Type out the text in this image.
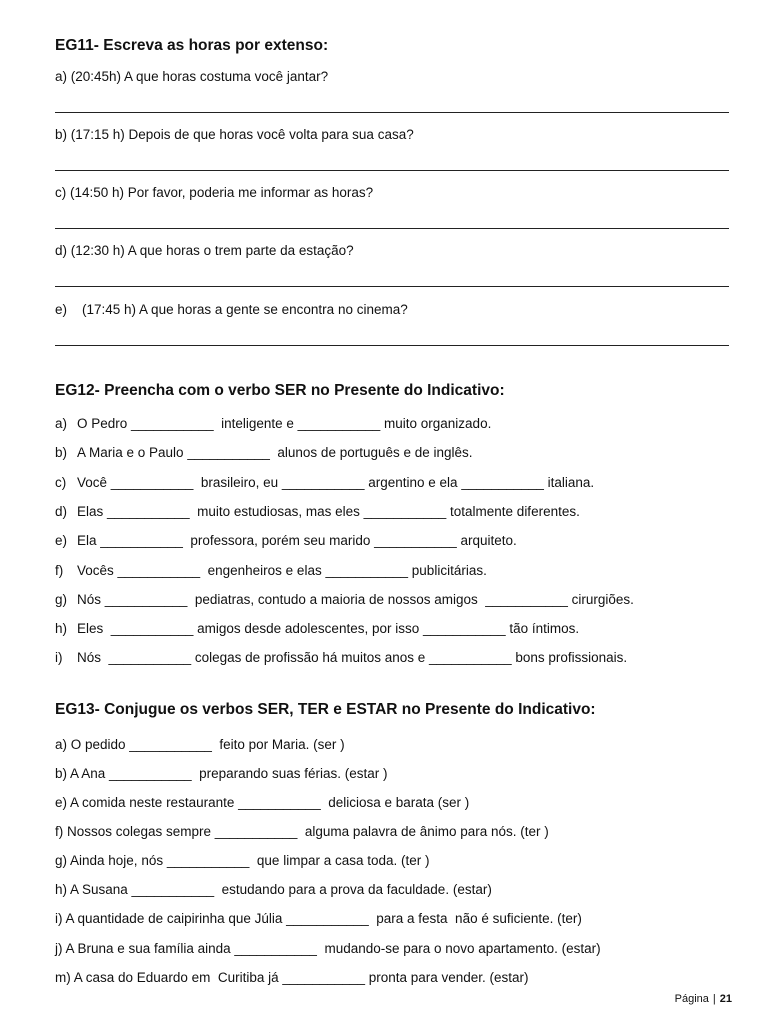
EG11- Escreva as horas por extenso:
a) (20:45h) A que horas costuma você jantar?
b) (17:15 h) Depois de que horas você volta para sua casa?
c) (14:50 h) Por favor, poderia me informar as horas?
d) (12:30 h) A que horas o trem parte da estação?
e)    (17:45 h) A que horas a gente se encontra no cinema?
EG12- Preencha com o verbo SER no Presente do Indicativo:
a) O Pedro ___________  inteligente e ___________ muito organizado.
b) A Maria e o Paulo ___________  alunos de português e de inglês.
c) Você ___________  brasileiro, eu ___________ argentino e ela ___________ italiana.
d) Elas ___________  muito estudiosas, mas eles ___________ totalmente diferentes.
e) Ela ___________  professora, porém seu marido ___________ arquiteto.
f) Vocês ___________  engenheiros e elas ___________ publicitárias.
g) Nós ___________  pediatras, contudo a maioria de nossos amigos  ___________ cirurgiões.
h) Eles  ___________ amigos desde adolescentes, por isso ___________ tão íntimos.
i) Nós  ___________ colegas de profissão há muitos anos e ___________ bons profissionais.
EG13- Conjugue os verbos SER, TER e ESTAR no Presente do Indicativo:
a) O pedido ___________  feito por Maria. (ser )
b) A Ana ___________  preparando suas férias. (estar )
e) A comida neste restaurante ___________  deliciosa e barata (ser )
f) Nossos colegas sempre ___________  alguma palavra de ânimo para nós. (ter )
g) Ainda hoje, nós ___________  que limpar a casa toda. (ter )
h) A Susana ___________  estudando para a prova da faculdade. (estar)
i) A quantidade de caipirinha que Júlia ___________  para a festa  não é suficiente. (ter)
j) A Bruna e sua família ainda ___________  mudando-se para o novo apartamento. (estar)
m) A casa do Eduardo em  Curitiba já ___________ pronta para vender. (estar)
Página | 21
